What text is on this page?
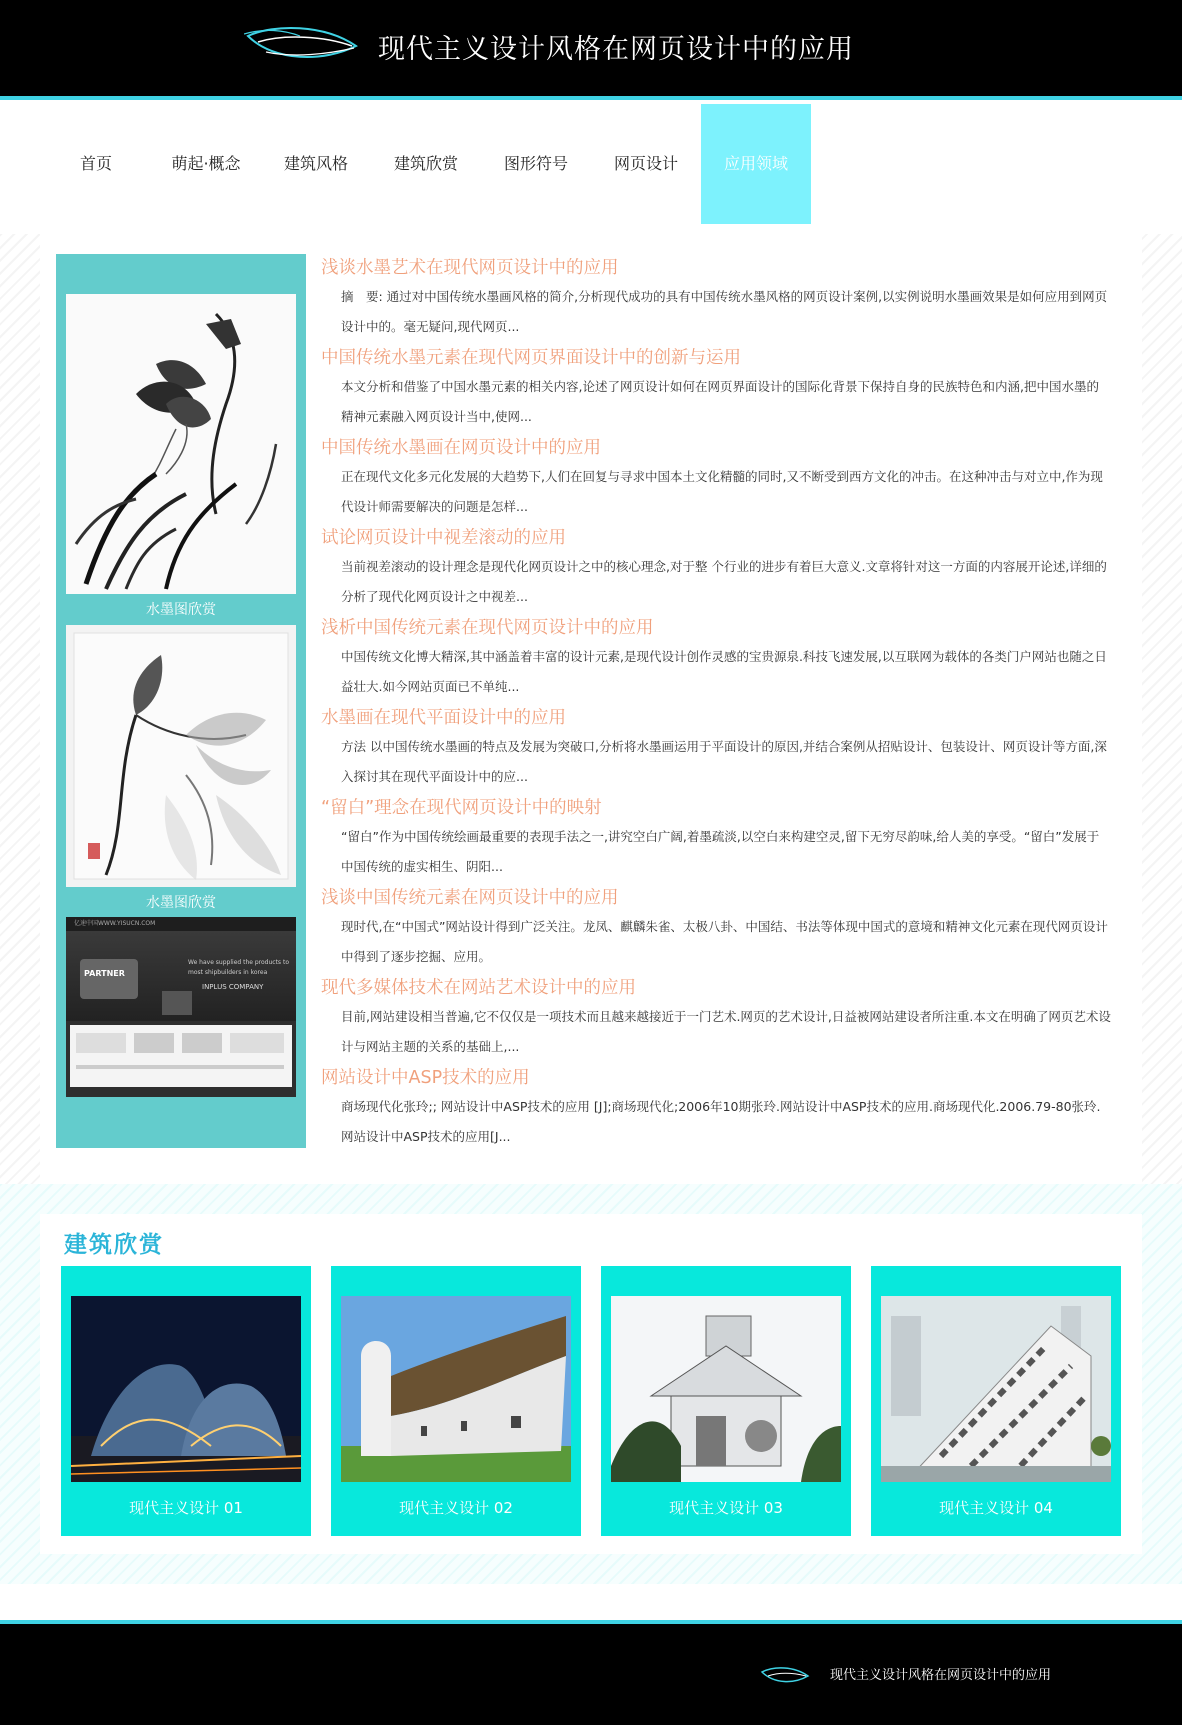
现代主义设计风格在网页设计中的应用
首页	萌起·概念	建筑风格	建筑欣赏	图形符号	网页设计	应用领域
水墨图欣赏
水墨图欣赏
亿速中国WWW.YISUCN.COM
PARTNER
We have supplied the products to
most shipbuilders in korea
INPLUS COMPANY
浅谈水墨艺术在现代网页设计中的应用
摘　要: 通过对中国传统水墨画风格的简介,分析现代成功的具有中国传统水墨风格的网页设计案例,以实例说明水墨画效果是如何应用到网页设计中的。毫无疑问,现代网页...
中国传统水墨元素在现代网页界面设计中的创新与运用
本文分析和借鉴了中国水墨元素的相关内容,论述了网页设计如何在网页界面设计的国际化背景下保持自身的民族特色和内涵,把中国水墨的精神元素融入网页设计当中,使网...
中国传统水墨画在网页设计中的应用
正在现代文化多元化发展的大趋势下,人们在回复与寻求中国本土文化精髓的同时,又不断受到西方文化的冲击。在这种冲击与对立中,作为现代设计师需要解决的问题是怎样...
试论网页设计中视差滚动的应用
当前视差滚动的设计理念是现代化网页设计之中的核心理念,对于整 个行业的进步有着巨大意义.文章将针对这一方面的内容展开论述,详细的分析了现代化网页设计之中视差...
浅析中国传统元素在现代网页设计中的应用
中国传统文化博大精深,其中涵盖着丰富的设计元素,是现代设计创作灵感的宝贵源泉.科技飞速发展,以互联网为载体的各类门户网站也随之日益壮大.如今网站页面已不单纯...
水墨画在现代平面设计中的应用
方法 以中国传统水墨画的特点及发展为突破口,分析将水墨画运用于平面设计的原因,并结合案例从招贴设计、包装设计、网页设计等方面,深入探讨其在现代平面设计中的应...
“留白”理念在现代网页设计中的映射
“留白”作为中国传统绘画最重要的表现手法之一,讲究空白广阔,着墨疏淡,以空白来构建空灵,留下无穷尽韵味,给人美的享受。“留白”发展于中国传统的虚实相生、阴阳...
浅谈中国传统元素在网页设计中的应用
现时代,在“中国式”网站设计得到广泛关注。龙凤、麒麟朱雀、太极八卦、中国结、书法等体现中国式的意境和精神文化元素在现代网页设计中得到了逐步挖掘、应用。
现代多媒体技术在网站艺术设计中的应用
目前,网站建设相当普遍,它不仅仅是一项技术而且越来越接近于一门艺术.网页的艺术设计,日益被网站建设者所注重.本文在明确了网页艺术设计与网站主题的关系的基础上,...
网站设计中ASP技术的应用
商场现代化张玲;; 网站设计中ASP技术的应用 [J];商场现代化;2006年10期张玲.网站设计中ASP技术的应用.商场现代化.2006.79-80张玲. 网站设计中ASP技术的应用[J...
建筑欣赏
现代主义设计 01	现代主义设计 02	现代主义设计 03	现代主义设计 04
现代主义设计风格在网页设计中的应用
